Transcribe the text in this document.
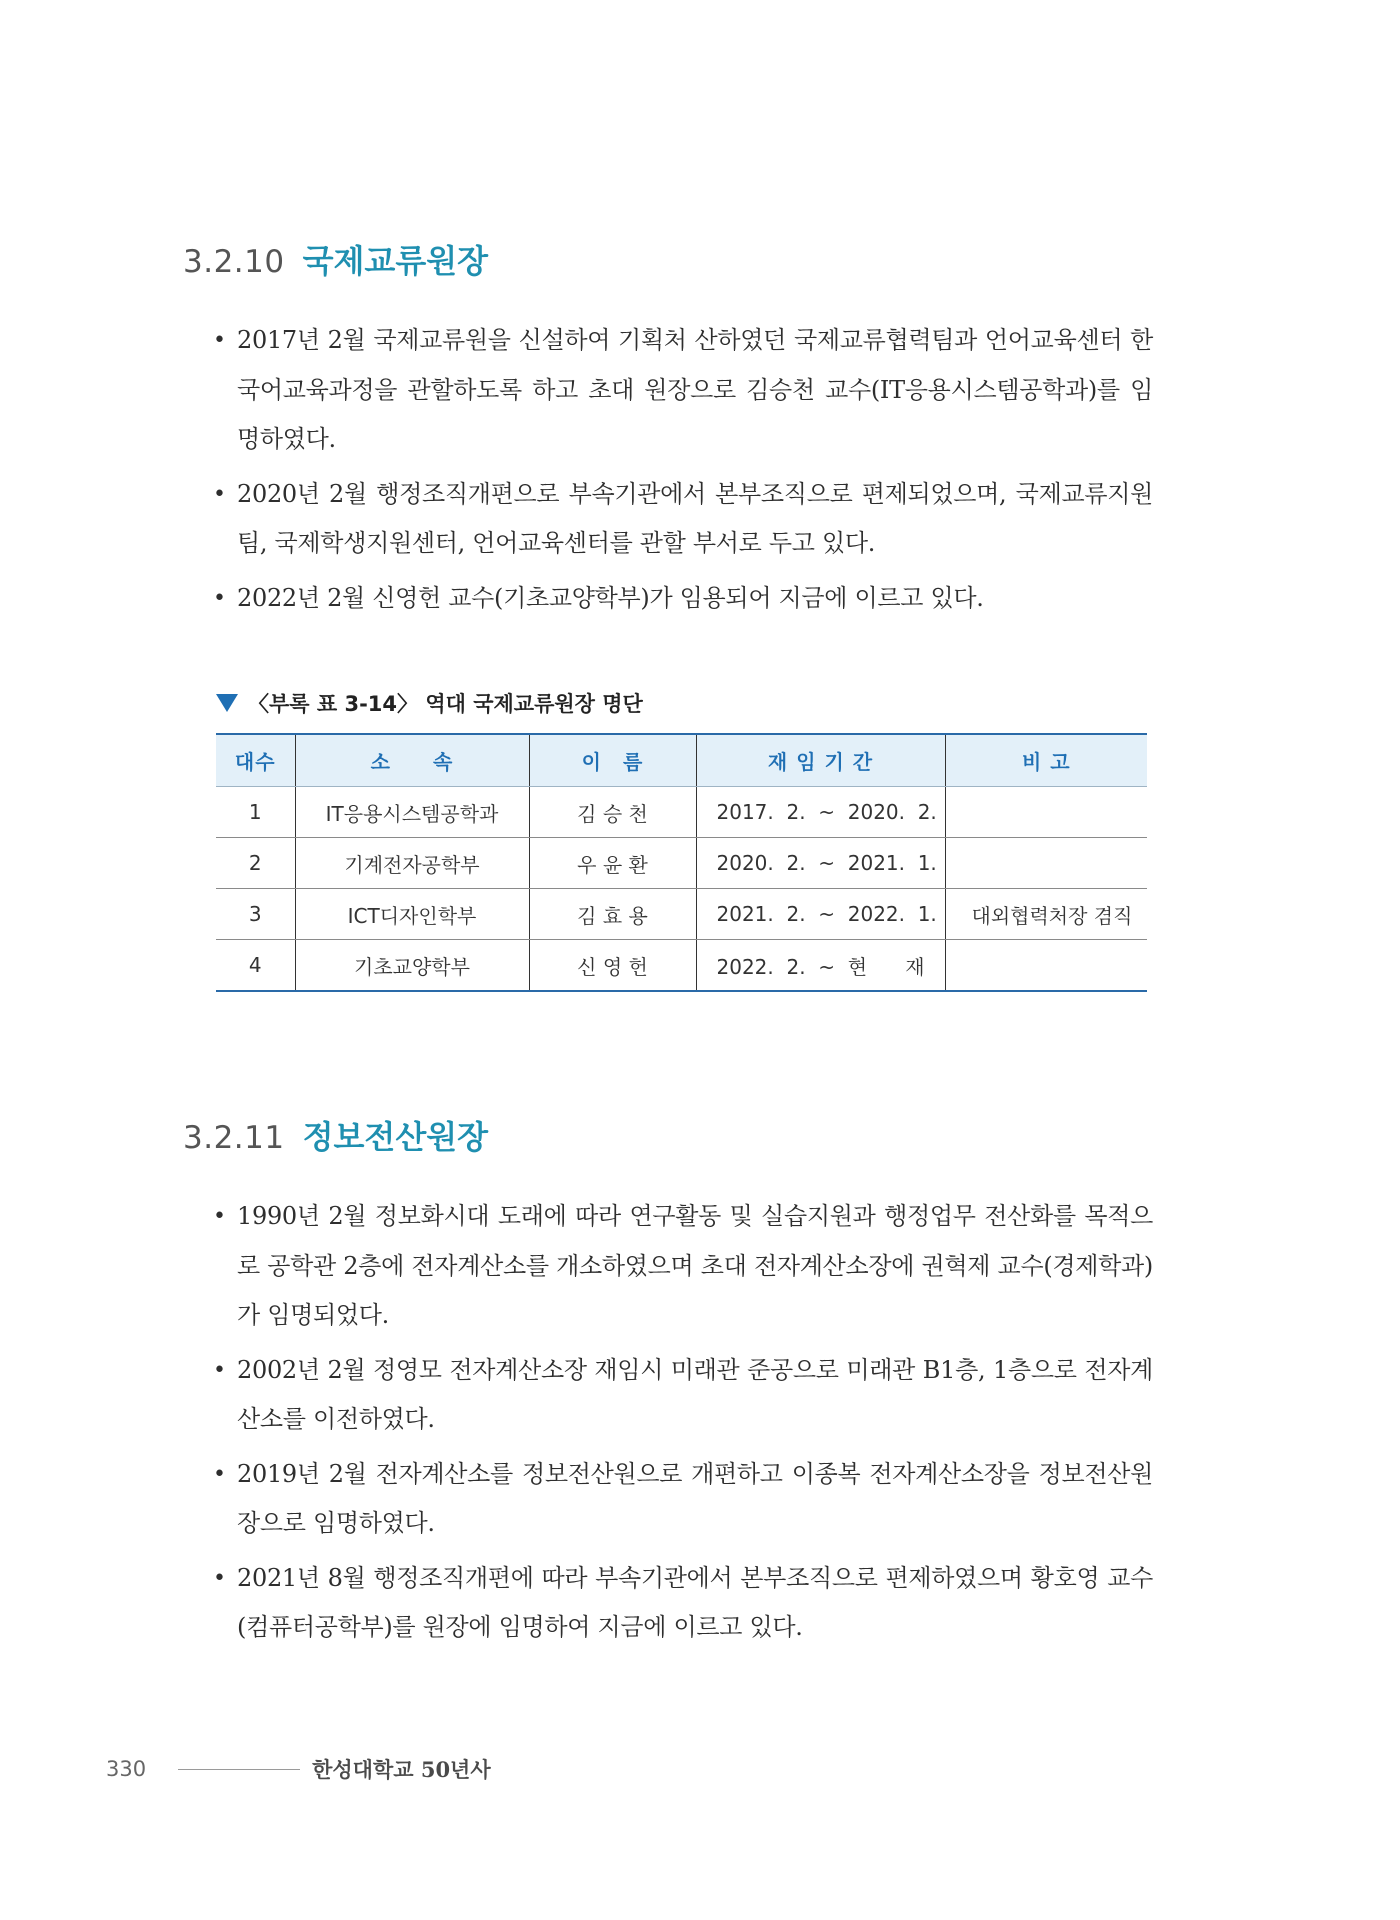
3.2.10 국제교류원장
• 2017년 2월 국제교류원을 신설하여 기획처 산하였던 국제교류협력팀과 언어교육센터 한국어교육과정을 관할하도록 하고 초대 원장으로 김승천 교수(IT응용시스템공학과)를 임명하였다.
• 2020년 2월 행정조직개편으로 부속기관에서 본부조직으로 편제되었으며, 국제교류지원팀, 국제학생지원센터, 언어교육센터를 관할 부서로 두고 있다.
• 2022년 2월 신영헌 교수(기초교양학부)가 임용되어 지금에 이르고 있다.
〈부록 표 3-14〉 역대 국제교류원장 명단
대수	소　　속	이　름	재 임 기 간	비 고
1	IT응용시스템공학과	김 승 천	2017.  2.  ~  2020.  2.	
2	기계전자공학부	우 윤 환	2020.  2.  ~  2021.  1.	
3	ICT디자인학부	김 효 용	2021.  2.  ~  2022.  1.	대외협력처장 겸직
4	기초교양학부	신 영 헌	2022.  2.  ~  현      재	
3.2.11 정보전산원장
• 1990년 2월 정보화시대 도래에 따라 연구활동 및 실습지원과 행정업무 전산화를 목적으로 공학관 2층에 전자계산소를 개소하였으며 초대 전자계산소장에 권혁제 교수(경제학과)가 임명되었다.
• 2002년 2월 정영모 전자계산소장 재임시 미래관 준공으로 미래관 B1층, 1층으로 전자계산소를 이전하였다.
• 2019년 2월 전자계산소를 정보전산원으로 개편하고 이종복 전자계산소장을 정보전산원장으로 임명하였다.
• 2021년 8월 행정조직개편에 따라 부속기관에서 본부조직으로 편제하였으며 황호영 교수(컴퓨터공학부)를 원장에 임명하여 지금에 이르고 있다.
330	한성대학교 50년사
